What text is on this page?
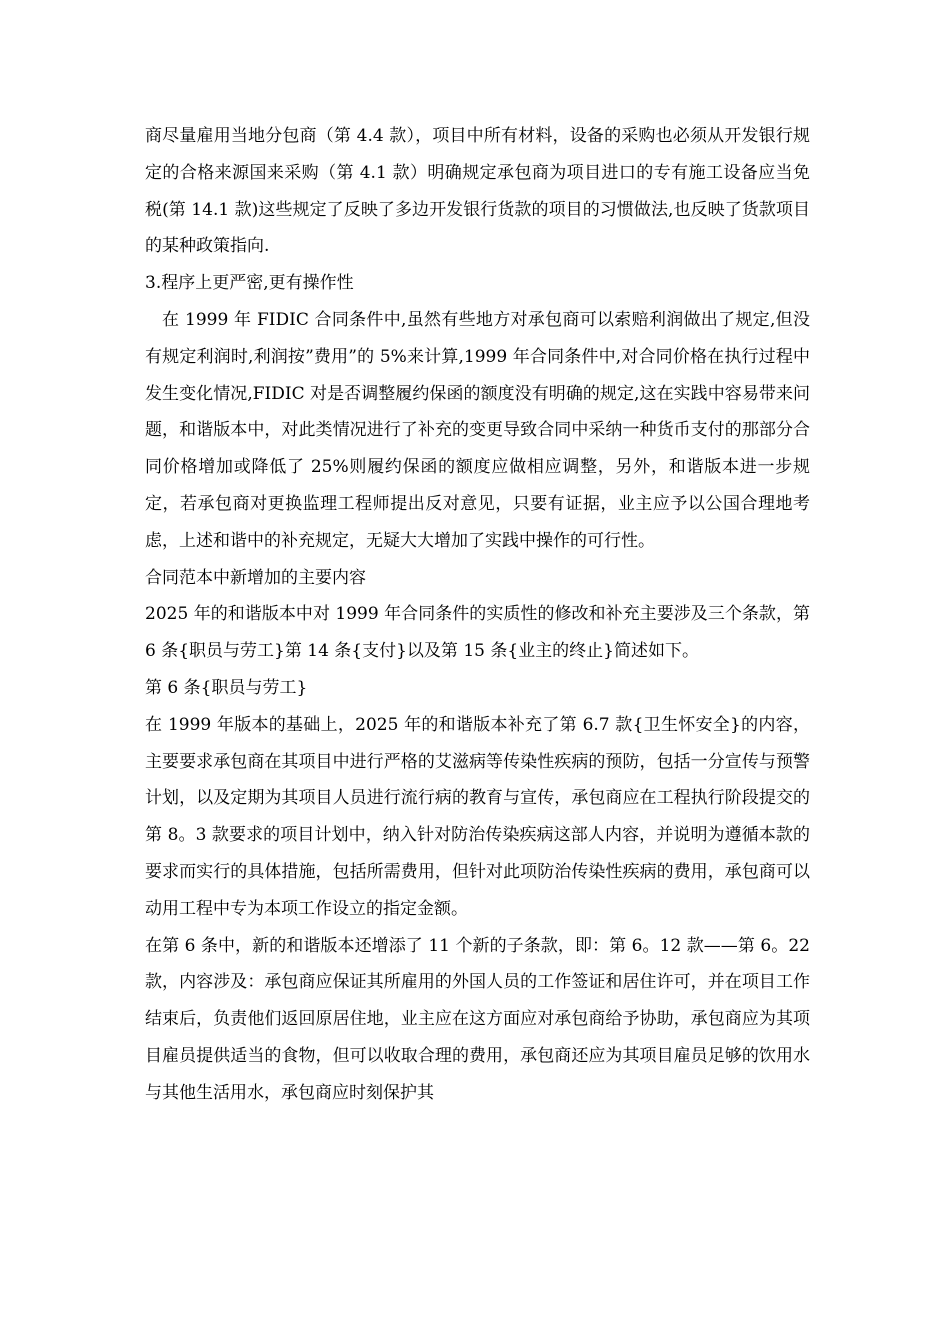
商尽量雇用当地分包商（第 4.4 款），项目中所有材料，设备的采购也必须从开发银行规定的合格来源国来采购（第 4.1 款）明确规定承包商为项目进口的专有施工设备应当免税(第 14.1 款)这些规定了反映了多边开发银行货款的项目的习惯做法,也反映了货款项目的某种政策指向.

3.程序上更严密,更有操作性

在 1999 年 FIDIC 合同条件中,虽然有些地方对承包商可以索赔利润做出了规定,但没有规定利润时,利润按”费用”的 5%来计算,1999 年合同条件中,对合同价格在执行过程中发生变化情况,FIDIC 对是否调整履约保函的额度没有明确的规定,这在实践中容易带来问题，和谐版本中，对此类情况进行了补充的变更导致合同中采纳一种货币支付的那部分合同价格增加或降低了 25%则履约保函的额度应做相应调整，另外，和谐版本进一步规定，若承包商对更换监理工程师提出反对意见，只要有证据，业主应予以公国合理地考虑，上述和谐中的补充规定，无疑大大增加了实践中操作的可行性。

合同范本中新增加的主要内容

2025 年的和谐版本中对 1999 年合同条件的实质性的修改和补充主要涉及三个条款，第 6 条{职员与劳工}第 14 条{支付}以及第 15 条{业主的终止}简述如下。

第 6 条{职员与劳工}

在 1999 年版本的基础上，2025 年的和谐版本补充了第 6.7 款{卫生怀安全}的内容，主要要求承包商在其项目中进行严格的艾滋病等传染性疾病的预防，包括一分宣传与预警计划，以及定期为其项目人员进行流行病的教育与宣传，承包商应在工程执行阶段提交的第 8。3 款要求的项目计划中，纳入针对防治传染疾病这部人内容，并说明为遵循本款的要求而实行的具体措施，包括所需费用，但针对此项防治传染性疾病的费用，承包商可以动用工程中专为本项工作设立的指定金额。

在第 6 条中，新的和谐版本还增添了 11 个新的子条款，即：第 6。12 款——第 6。22 款，内容涉及：承包商应保证其所雇用的外国人员的工作签证和居住许可，并在项目工作结束后，负责他们返回原居住地，业主应在这方面应对承包商给予协助，承包商应为其项目雇员提供适当的食物，但可以收取合理的费用，承包商还应为其项目雇员足够的饮用水与其他生活用水，承包商应时刻保护其
